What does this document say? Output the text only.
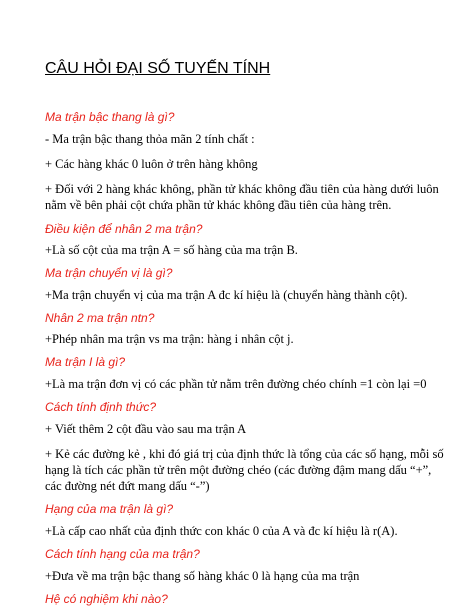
CÂU HỎI ĐẠI SỐ TUYẾN TÍNH
Ma trận bậc thang là gì?
- Ma trận bậc thang thỏa mãn 2 tính chất :
+ Các hàng khác 0 luôn ở trên hàng không
+ Đối với 2 hàng khác không, phần tử khác không đầu tiên của hàng dưới luôn nằm về bên phải cột chứa phần tử khác không đầu tiên của hàng trên.
Điều kiện để nhân 2 ma trận?
+Là số cột của ma trận A = số hàng của ma trận B.
Ma trận chuyển vị là gì?
+Ma trận chuyển vị của ma trận A đc kí hiệu là (chuyển hàng thành cột).
Nhân 2 ma trận ntn?
+Phép nhân ma trận vs ma trận: hàng i nhân cột j.
Ma trận I là gì?
+Là ma trận đơn vị có các phần tử nằm trên đường chéo chính =1 còn lại =0
Cách tính định thức?
+ Viết thêm 2 cột đầu vào sau ma trận A
+ Kẻ các đường kẻ , khi đó giá trị của định thức là tổng của các số hạng, mỗi số hạng là tích các phần tử trên một đường chéo (các đường đậm mang dấu “+”, các đường nét đứt mang dấu “-”)
Hạng của ma trận là gì?
+Là cấp cao nhất của định thức con khác 0 của A và đc kí hiệu là r(A).
Cách tính hạng của ma trận?
+Đưa về ma trận bậc thang số hàng khác 0 là hạng của ma trận
Hệ có nghiệm khi nào?
